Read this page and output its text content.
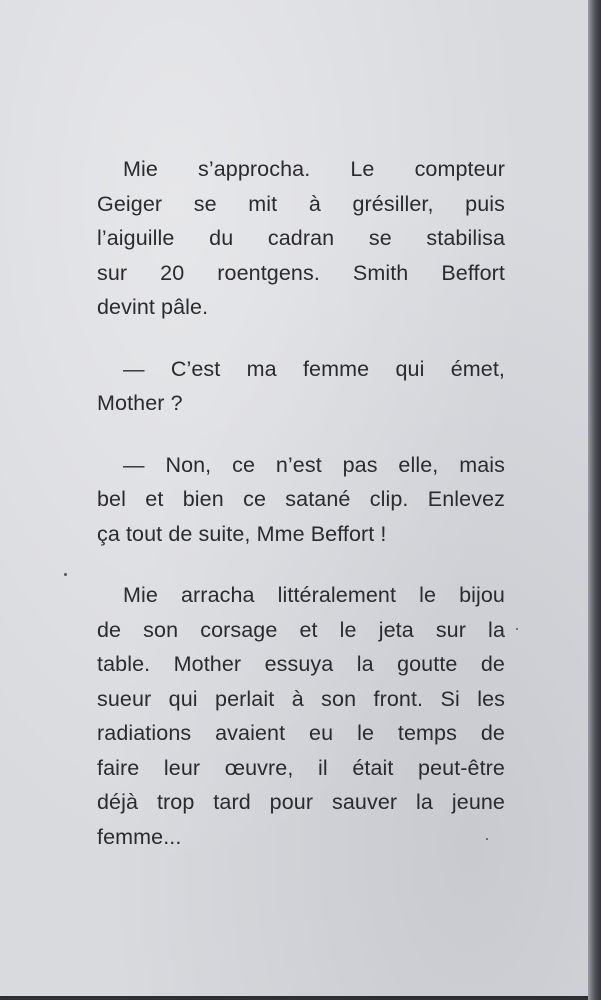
Mie s’approcha. Le compteur
Geiger se mit à grésiller, puis
l’aiguille du cadran se stabilisa
sur 20 roentgens. Smith Beffort
devint pâle.
— C’est ma femme qui émet,
Mother ?
— Non, ce n’est pas elle, mais
bel et bien ce satané clip. Enlevez
ça tout de suite, Mme Beffort !
Mie arracha littéralement le bijou
de son corsage et le jeta sur la
table. Mother essuya la goutte de
sueur qui perlait à son front. Si les
radiations avaient eu le temps de
faire leur œuvre, il était peut-être
déjà trop tard pour sauver la jeune
femme...
